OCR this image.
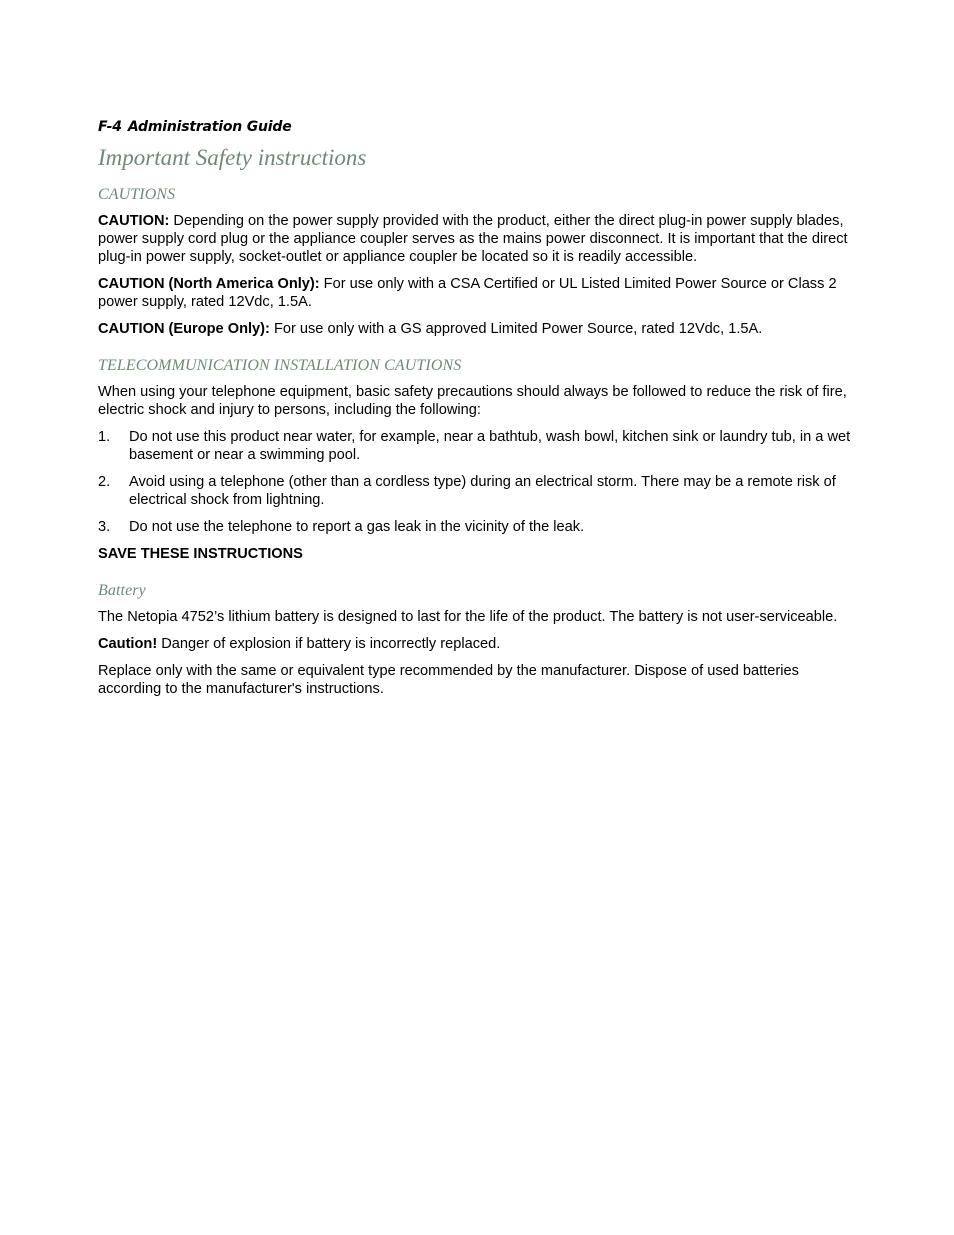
F-4 Administration Guide
Important Safety instructions
CAUTIONS

CAUTION: Depending on the power supply provided with the product, either the direct plug-in power supply blades, power supply cord plug or the appliance coupler serves as the mains power disconnect. It is important that the direct plug-in power supply, socket-outlet or appliance coupler be located so it is readily accessible.

CAUTION (North America Only): For use only with a CSA Certified or UL Listed Limited Power Source or Class 2 power supply, rated 12Vdc, 1.5A.

CAUTION (Europe Only): For use only with a GS approved Limited Power Source, rated 12Vdc, 1.5A.

TELECOMMUNICATION INSTALLATION CAUTIONS

When using your telephone equipment, basic safety precautions should always be followed to reduce the risk of fire, electric shock and injury to persons, including the following:

1. Do not use this product near water, for example, near a bathtub, wash bowl, kitchen sink or laundry tub, in a wet basement or near a swimming pool.
2. Avoid using a telephone (other than a cordless type) during an electrical storm. There may be a remote risk of electrical shock from lightning.
3. Do not use the telephone to report a gas leak in the vicinity of the leak.
SAVE THESE INSTRUCTIONS
Battery

The Netopia 4752’s lithium battery is designed to last for the life of the product. The battery is not user-serviceable.

Caution! Danger of explosion if battery is incorrectly replaced.

Replace only with the same or equivalent type recommended by the manufacturer. Dispose of used batteries according to the manufacturer's instructions.
